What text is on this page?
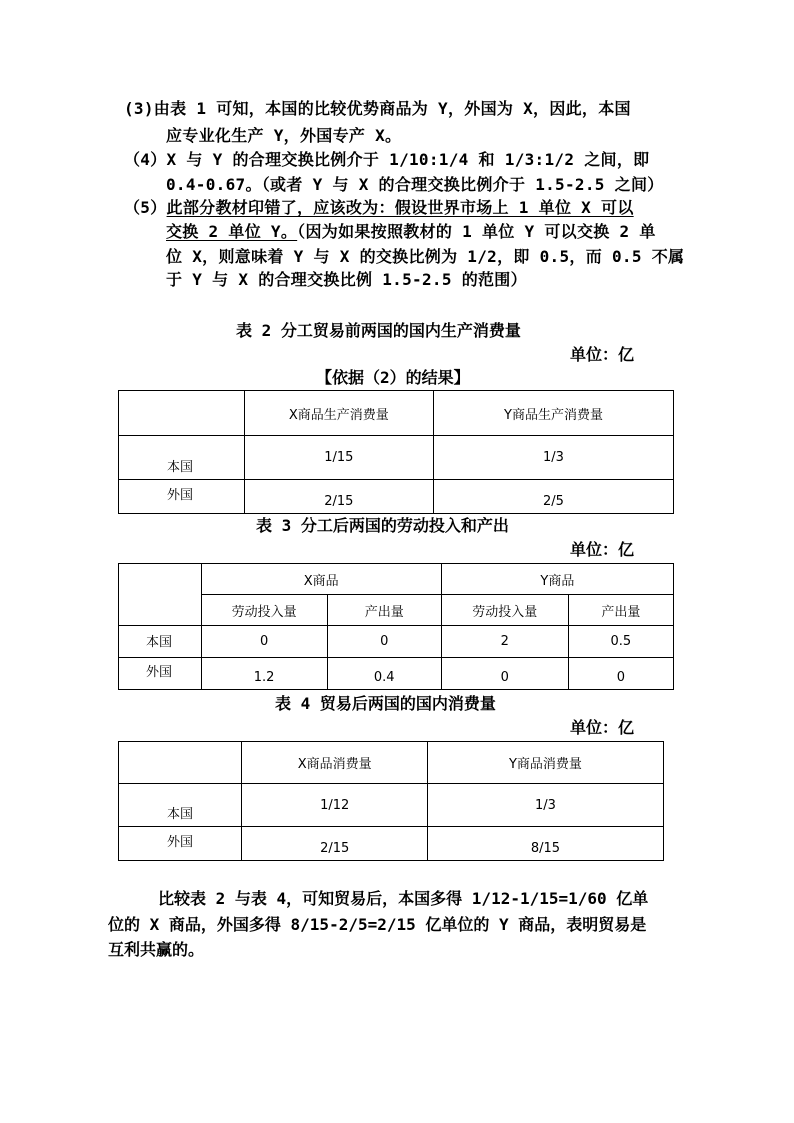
(3)由表 1 可知，本国的比较优势商品为 Y，外国为 X，因此，本国
应专业化生产 Y，外国专产 X。
（4）X 与 Y 的合理交换比例介于 1/10:1/4 和 1/3:1/2 之间，即
0.4-0.67。（或者 Y 与 X 的合理交换比例介于 1.5-2.5 之间）
（5）此部分教材印错了，应该改为：假设世界市场上 1 单位 X 可以
交换 2 单位 Y。（因为如果按照教材的 1 单位 Y 可以交换 2 单
位 X，则意味着 Y 与 X 的交换比例为 1/2，即 0.5，而 0.5 不属
于 Y 与 X 的合理交换比例 1.5-2.5 的范围）
表 2 分工贸易前两国的国内生产消费量
单位：亿
【依据（2）的结果】
	X商品生产消费量	Y商品生产消费量
本国	1/15	1/3
外国	2/15	2/5
表 3 分工后两国的劳动投入和产出
单位：亿
	X商品		Y商品	
	劳动投入量	产出量	劳动投入量	产出量
本国	0	0	2	0.5
外国	1.2	0.4	0	0
表 4 贸易后两国的国内消费量
单位：亿
	X商品消费量	Y商品消费量
本国	1/12	1/3
外国	2/15	8/15
比较表 2 与表 4，可知贸易后，本国多得 1/12-1/15=1/60 亿单
位的 X 商品，外国多得 8/15-2/5=2/15 亿单位的 Y 商品，表明贸易是
互利共赢的。
